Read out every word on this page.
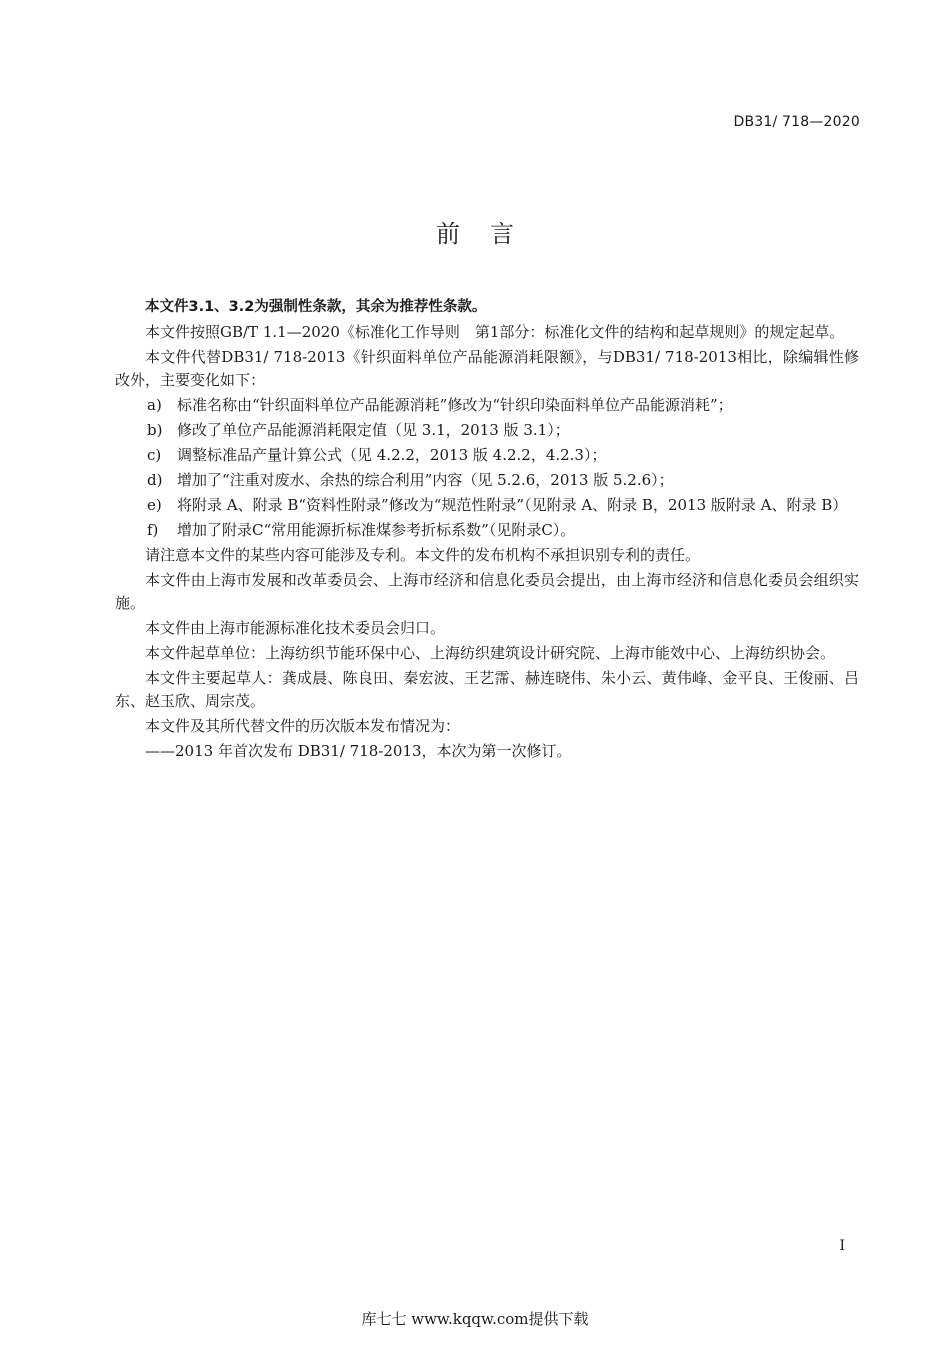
DB31/ 718—2020
前言

本文件3.1、3.2为强制性条款，其余为推荐性条款。

本文件按照GB/T 1.1—2020《标准化工作导则　第1部分：标准化文件的结构和起草规则》的规定起草。

本文件代替DB31/ 718-2013《针织面料单位产品能源消耗限额》，与DB31/ 718-2013相比，除编辑性修改外，主要变化如下：

a)	标准名称由“针织面料单位产品能源消耗”修改为“针织印染面料单位产品能源消耗”；
b) 修改了单位产品能源消耗限定值（见 3.1，2013 版 3.1）；
c)	调整标准品产量计算公式（见 4.2.2，2013 版 4.2.2，4.2.3）；
d) 增加了“注重对废水、余热的综合利用”内容（见 5.2.6，2013 版 5.2.6）；
e)	将附录 A、附录 B“资料性附录”修改为“规范性附录”（见附录 A、附录 B，2013 版附录 A、附录 B）
f)	增加了附录C“常用能源折标准煤参考折标系数”（见附录C）。

请注意本文件的某些内容可能涉及专利。本文件的发布机构不承担识别专利的责任。

本文件由上海市发展和改革委员会、上海市经济和信息化委员会提出，由上海市经济和信息化委员会组织实施。

本文件由上海市能源标准化技术委员会归口。

本文件起草单位：上海纺织节能环保中心、上海纺织建筑设计研究院、上海市能效中心、上海纺织协会。

本文件主要起草人：龚成晨、陈良田、秦宏波、王艺霈、赫连晓伟、朱小云、黄伟峰、金平良、王俊丽、吕东、赵玉欣、周宗茂。

本文件及其所代替文件的历次版本发布情况为：

——2013 年首次发布 DB31/ 718-2013，本次为第一次修订。

I
库七七 www.kqqw.com提供下载
